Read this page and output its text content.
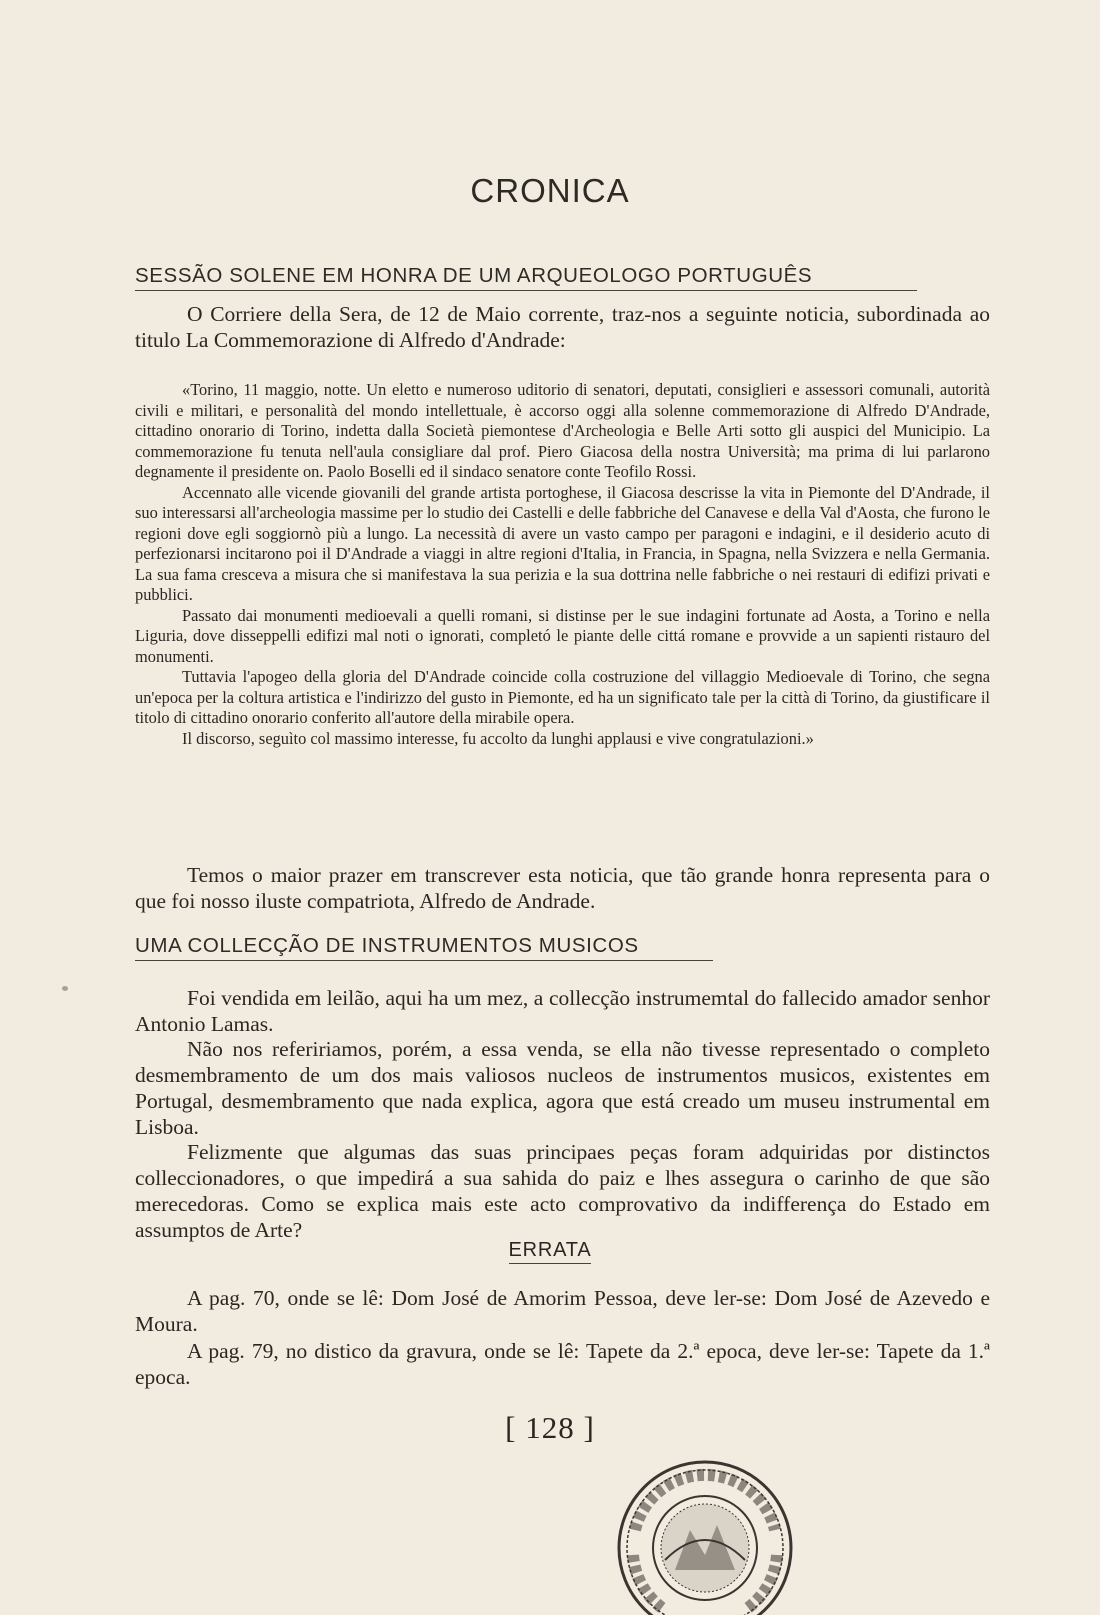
CRONICA
SESSÃO SOLENE EM HONRA DE UM ARQUEOLOGO PORTUGUÊS

O Corriere della Sera, de 12 de Maio corrente, traz-nos a seguinte noticia, subordinada ao titulo La Commemorazione di Alfredo d'Andrade:

«Torino, 11 maggio, notte. Un eletto e numeroso uditorio di senatori, deputati, consiglieri e assessori comunali, autorità civili e militari, e personalità del mondo intellettuale, è accorso oggi alla solenne commemorazione di Alfredo D'Andrade, cittadino onorario di Torino, indetta dalla Società piemontese d'Archeologia e Belle Arti sotto gli auspici del Municipio. La commemorazione fu tenuta nell'aula consigliare dal prof. Piero Giacosa della nostra Università; ma prima di lui parlarono degnamente il presidente on. Paolo Boselli ed il sindaco senatore conte Teofilo Rossi.

Accennato alle vicende giovanili del grande artista portoghese, il Giacosa descrisse la vita in Piemonte del D'Andrade, il suo interessarsi all'archeologia massime per lo studio dei Castelli e delle fabbriche del Canavese e della Val d'Aosta, che furono le regioni dove egli soggiornò più a lungo. La necessità di avere un vasto campo per paragoni e indagini, e il desiderio acuto di perfezionarsi incitarono poi il D'Andrade a viaggi in altre regioni d'Italia, in Francia, in Spagna, nella Svizzera e nella Germania. La sua fama cresceva a misura che si manifestava la sua perizia e la sua dottrina nelle fabbriche o nei restauri di edifizi privati e pubblici.

Passato dai monumenti medioevali a quelli romani, si distinse per le sue indagini fortunate ad Aosta, a Torino e nella Liguria, dove disseppelli edifizi mal noti o ignorati, completó le piante delle cittá romane e provvide a un sapienti ristauro del monumenti.

Tuttavia l'apogeo della gloria del D'Andrade coincide colla costruzione del villaggio Medioevale di Torino, che segna un'epoca per la coltura artistica e l'indirizzo del gusto in Piemonte, ed ha un significato tale per la città di Torino, da giustificare il titolo di cittadino onorario conferito all'autore della mirabile opera.

Il discorso, seguìto col massimo interesse, fu accolto da lunghi applausi e vive congratulazioni.»

Temos o maior prazer em transcrever esta noticia, que tão grande honra representa para o que foi nosso iluste compatriota, Alfredo de Andrade.

UMA COLLECÇÃO DE INSTRUMENTOS MUSICOS

Foi vendida em leilão, aqui ha um mez, a collecção instrumemtal do fallecido amador senhor Antonio Lamas.

Não nos refeririamos, porém, a essa venda, se ella não tivesse representado o completo desmembramento de um dos mais valiosos nucleos de instrumentos musicos, existentes em Portugal, desmembramento que nada explica, agora que está creado um museu instrumental em Lisboa.

Felizmente que algumas das suas principaes peças foram adquiridas por distinctos colleccionadores, o que impedirá a sua sahida do paiz e lhes assegura o carinho de que são merecedoras. Como se explica mais este acto comprovativo da indifferença do Estado em assumptos de Arte?

ERRATA

A pag. 70, onde se lê: Dom José de Amorim Pessoa, deve ler-se: Dom José de Azevedo e Moura.

A pag. 79, no distico da gravura, onde se lê: Tapete da 2.ª epoca, deve ler-se: Tapete da 1.ª epoca.

[ 128 ]
